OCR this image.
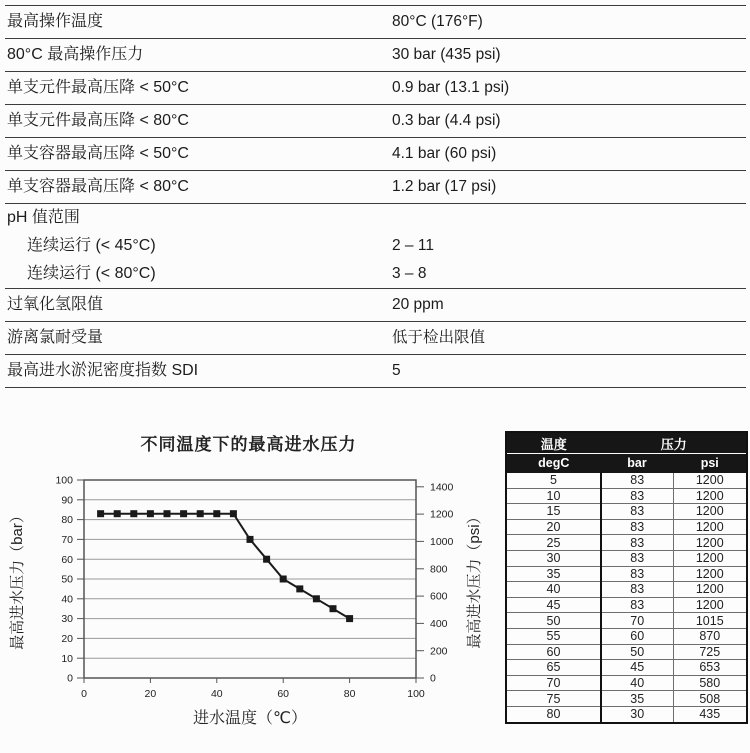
最高操作温度	80°C (176°F)
80°C 最高操作压力	30 bar (435 psi)
单支元件最高压降 < 50°C	0.9 bar (13.1 psi)
单支元件最高压降 < 80°C	0.3 bar (4.4 psi)
单支容器最高压降 < 50°C	4.1 bar (60 psi)
单支容器最高压降 < 80°C	1.2 bar (17 psi)
pH 值范围
连续运行 (< 45°C)	2 – 11
连续运行 (< 80°C)	3 – 8
过氧化氢限值	20 ppm
游离氯耐受量	低于检出限值
最高进水淤泥密度指数 SDI	5
不同温度下的最高进水压力
0
10
20
30
40
50
60
70
80
90
100
0
200
400
600
800
1000
1200
1400
0	20	40	60	80	100
最高进水压力（bar）	最高进水压力（psi）
进水温度（℃）
温度	压力	
degC	bar	psi
5	83	1200
10	83	1200
15	83	1200
20	83	1200
25	83	1200
30	83	1200
35	83	1200
40	83	1200
45	83	1200
50	70	1015
55	60	870
60	50	725
65	45	653
70	40	580
75	35	508
80	30	435
